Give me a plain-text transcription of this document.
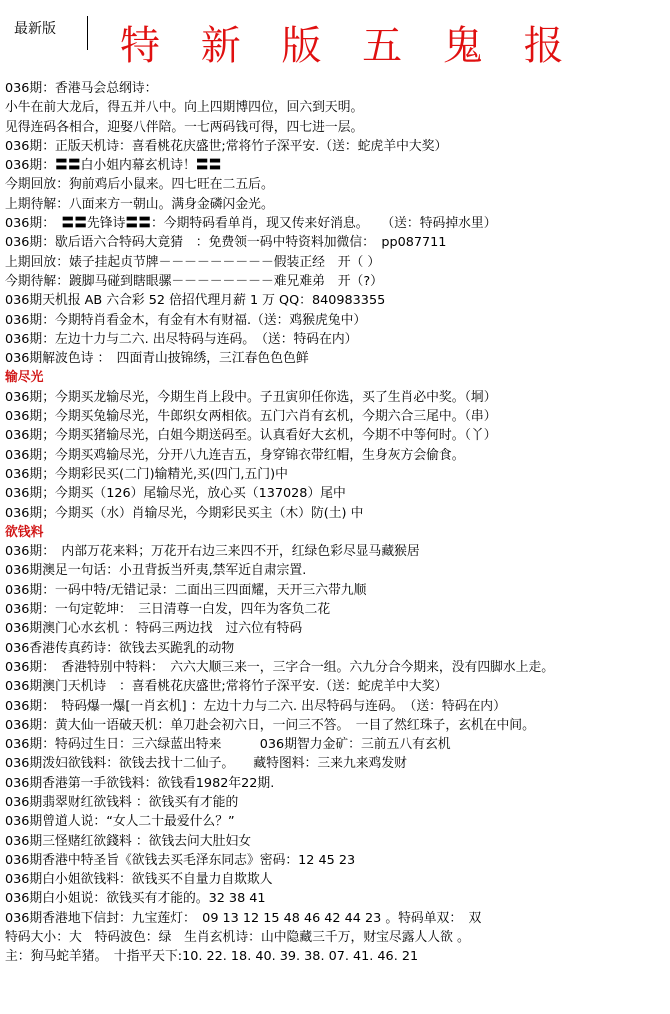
最新版 特 新 版 五 鬼 报
036期：香港马会总纲诗：
小牛在前大龙后，得五并八中。向上四期博四位，回六到天明。
见得连码各相合，迎娶八伴陪。一七两码钱可得，四七进一层。
036期：正版天机诗：喜看桃花庆盛世;常将竹子深平安.（送：蛇虎羊中大奖）
036期：〓〓白小姐内幕玄机诗！〓〓
今期回放：狗前鸡后小鼠来。四七旺在二五后。
上期待解：八面来方一朝山。满身金磷闪金光。
036期：　〓〓先锋诗〓〓：今期特码看单肖，现又传来好消息。　　（送：特码掉水里）
036期：歇后语六合特码大竟猜　：免费领一码中特资料加微信：　pp087711
上期回放：婊子挂起贞节牌－－－－－－－－－假装正经　开（ ）
今期待解：踱脚马碰到瞎眼骡－－－－－－－－难兄难弟　开（?）
036期天机报 AB 六合彩 52 倍招代理月薪 1 万 QQ：840983355
036期：今期特肖看金木，有金有木有财福.（送：鸡猴虎兔中）
036期：左边十力与二六. 出尽特码与连码。　（送：特码在内）
036期解波色诗 ：　四面青山披锦绣，三江春色色色鲜
输尽光
036期；今期买龙输尽光，今期生肖上段中。子丑寅卯任你选，买了生肖必中奖。（垌）
036期；今期买兔输尽光，牛郎织女两相依。五门六肖有玄机，今期六合三尾中。（串）
036期；今期买猪输尽光，白姐今期送码至。认真看好大玄机，今期不中等何时。（丫）
036期；今期买鸡输尽光，分开八九连吉五，身穿锦衣带红帽，生身灰方会偷食。
036期；今期彩民买(二门)输精光,买(四门,五门)中
036期；今期买（126）尾输尽光，放心买（137028）尾中
036期；今期买（水）肖输尽光，今期彩民买主（木）防(土) 中
欲钱料
036期：　内部万花来料；万花开右边三来四不开，红绿色彩尽显马藏猴居
036期澳足一句话：小丑背扳当歼夷,禁军近自肃宗置.
036期：一码中特/无错记录：二面出三四面耀，天开三六带九顺
036期：一句定乾坤：　三日清尊一白发，四年为客负二花
036期澳门心水玄机 ：特码三两边找　过六位有特码
036香港传真药诗：欲钱去买跪乳的动物
036期：　香港特别中特料：　六六大顺三来一，三字合一组。六九分合今期来，没有四脚水上走。
036期澳门天机诗　：喜看桃花庆盛世;常将竹子深平安.（送：蛇虎羊中大奖）
036期：　特码爆一爆[一肖玄机] ：左边十力与二六. 出尽特码与连码。　（送：特码在内）
036期：黄大仙一语破天机：单刀赴会初六日，一问三不答。　一目了然红珠子，玄机在中间。
036期：特码过生日：三六绿蓝出特来　　　036期智力金矿：三前五八有玄机
036期泼妇欲钱料：欲钱去找十二仙子。　　藏特图料：三来九来鸡发财
036期香港第一手欲钱料：欲钱看1982年22期.
036期翡翠财红欲钱料 ：欲钱买有才能的
036期曾道人说：“女人二十最爱什么？”
036期三怪赌红欲錢料 ：欲钱去问大肚妇女
036期香港中特圣旨《欲钱去买毛泽东同志》密码：12 45 23
036期白小姐欲钱料：欲钱买不自量力自欺欺人
036期白小姐说：欲钱买有才能的。32 38 41
036期香港地下信封：九宝莲灯：　09 13 12 15 48 46 42 44 23 。特码单双：　双
特码大小：大　特码波色：绿　生肖玄机诗：山中隐藏三千万，财宝尽露人人欲 。　
主：狗马蛇羊猪。　十指平天下:10. 22. 18. 40. 39. 38. 07. 41. 46. 21
